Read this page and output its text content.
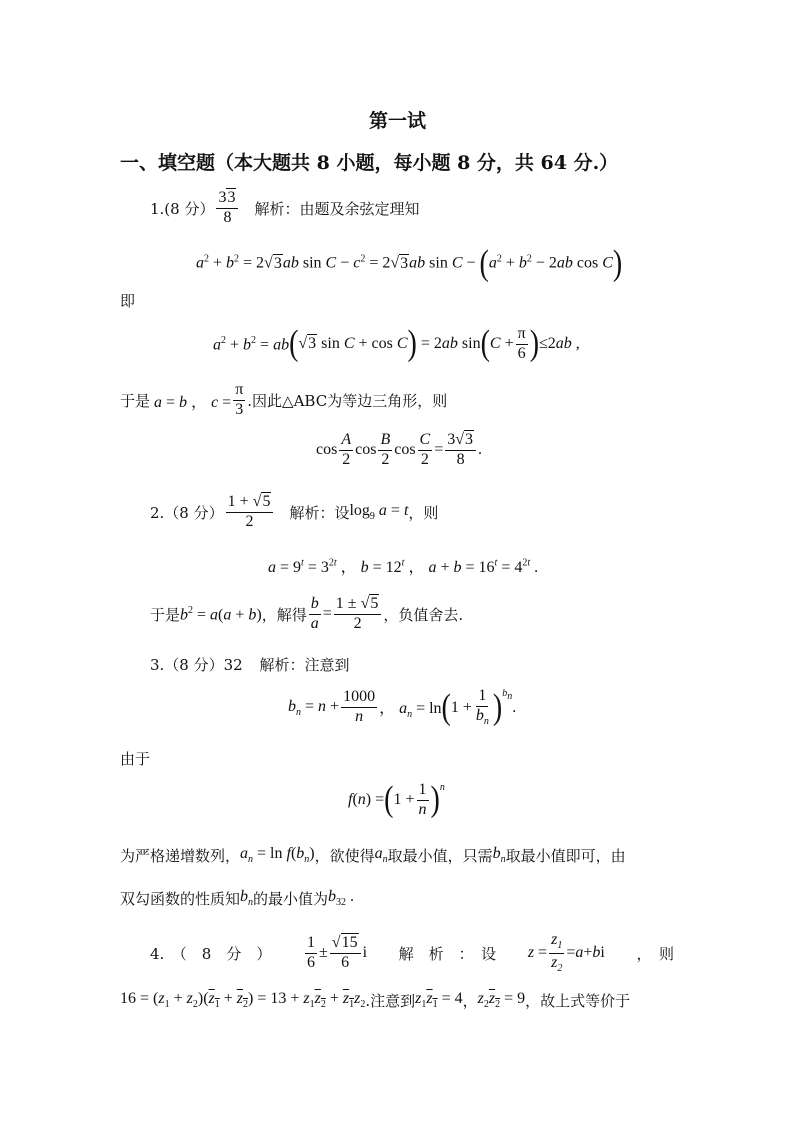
第一试
一、填空题（本大题共 8 小题，每小题 8 分，共 64 分.）
1.(8 分） $\frac{33}{8}$ 解析：由题及余弦定理知
$a^2 + b^2 = 2√3ab$ $\sin C - c^2 = 2√3ab$ $\sin C - (a^2 + b^2 - 2ab$ cos C)
即
$a^2 + b^2$ = ab ( √3 sin C + cos C ) = 2ab sin ( $C + \frac{\pi}{6}$ ) ≤2ab ,
于是 a = b ， $c = \frac{\pi}{3}$ .因此△ABC为等边三角形，则
$\cos \frac{A}{2}$ $\cos \frac{B}{2}$ $\cos \frac{C}{2} = \frac{3√3}{8}$ .
2.（8 分） $\frac{1 + √5}{2}$ 解析：设 $\log_9 a = t$ ，则
$a = 9^t = 3^{2t}$ ， $b = 12^t$ ， $a + b = 16^t = 4^{2t}$ .
于是 $b^2 = a(a + b)$ ，解得 $\frac{b}{a} = \frac{1 \pm √5}{2}$ ，负值舍去.
3.（8 分）32 解析：注意到
$b_n = n + \frac{1000}{n}$ ， $a_n = \ln$ ( $1 + \frac{1}{b_n} )^{b_n}$
.
由于
f(n) = ( $1 + \frac{1}{n} )^n$
为严格递增数列， $a_n = \ln f(b_n)$ ，欲使得 $a_n$ 取最小值，只需 $b_n$ 取最小值即可，由
双勾函数的性质知 $b_n$ 的最小值为 $b_{32}$ .
4.　（　8　分　） $\frac{1}{6} \pm \frac{√15}{6}$ i 解　析　：　设 $z = \frac{z_1}{z_2} = a + b$ i ，　则
$16 = (z_1 + z_2)(z_1 + z_2) = 13 + z_1z_2 + z_1z_2$ .注意到 $z_1z_1 = 4$ ， $z_2z_2 = 9$ ，故上式等价于
